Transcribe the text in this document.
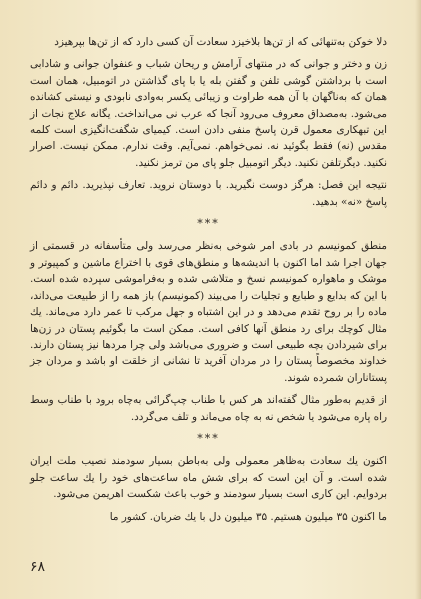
دلا خوکن به‌تنهائی که از تن‌ها بلاخیزد سعادت آن کسی دارد که از تن‌ها بپرهیزد

زن و دختر و جوانی که در منتهای آرامش و ریحان شباب و عنفوان جوانی و شادابی است با برداشتن گوشی تلفن و گفتن بله یا با پای گذاشتن در اتومبیل، همان است همان که به‌ناگهان با آن همه طراوت و زیبائی یکسر به‌وادی نابودی و نیستی کشانده می‌شود. به‌مصداق معروف می‌رود آنجا که عرب نی می‌انداخت. یگانه علاج نجات از این تبهکاری معمول قرن پاسخ منفی دادن است. کیمیای شگفت‌انگیزی است کلمه مقدس (نه) فقط بگوئید نه. نمی‌خواهم. نمی‌آیم. وقت ندارم. ممکن نیست. اصرار نکنید. دیگرتلفن نکنید. دیگر اتومبیل جلو پای من ترمز نکنید.

نتیجه این فصل: هرگز دوست نگیرید. با دوستان نروید. تعارف نپذیرید. دائم و دائم پاسخ «نه» بدهید.

***

منطق کمونیسم در بادی امر شوخی به‌نظر می‌رسد ولی متأسفانه در قسمتی از جهان اجرا شد اما اکنون با اندیشه‌ها و منطق‌های قوی با اختراع ماشین و کمپیوتر و موشک و ماهواره کمونیسم نسخ و متلاشی شده و به‌فراموشی سپرده شده است. با این که بدایع و طبایع و تجلیات را می‌بیند (کمونیسم) باز همه را از طبیعت می‌داند، ماده را بر روح تقدم می‌دهد و در این اشتباه و جهل مرکب تا عمر دارد می‌ماند. یك مثال کوچك برای رد منطق آنها کافی است. ممکن است ما بگوئیم پستان در زن‌ها برای شیردادن بچه طبیعی است و ضروری می‌باشد ولی چرا مردها نیز پستان دارند. خداوند مخصوصاً پستان را در مردان آفرید تا نشانی از خلقت او باشد و مردان جز پستاناران شمرده شوند.

از قدیم به‌طور مثال گفته‌اند هر کس با طناب چپ‌گرائی به‌چاه برود با طناب وسط راه پاره می‌شود یا شخص نه به چاه می‌ماند و تلف می‌گردد.

***

اکنون یك سعادت به‌ظاهر معمولی ولی به‌باطن بسیار سودمند نصیب ملت ایران شده است. و آن این است که برای شش ماه ساعت‌های خود را یك ساعت جلو بردوایم. این کاری است بسیار سودمند و خوب باعث شکست اهریمن می‌شود.

ما اکنون ۳۵ میلیون هستیم. ۳۵ میلیون دل با یك ضربان. کشور ما

۶۸
